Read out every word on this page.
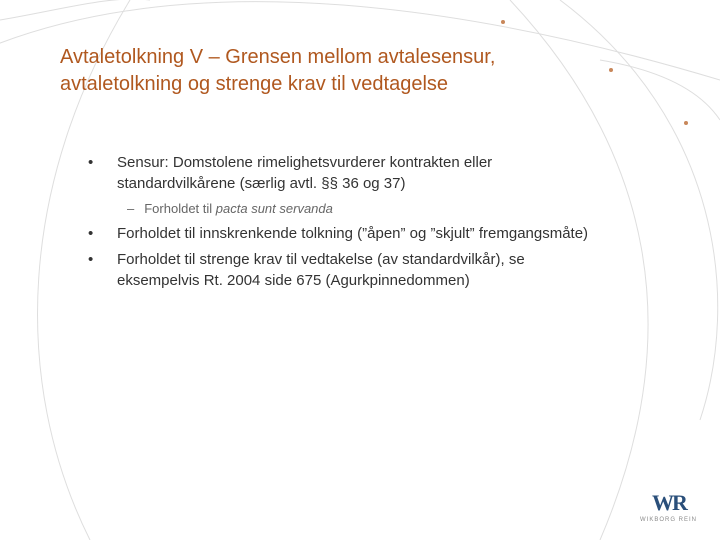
Avtaletolkning V – Grensen mellom avtalesensur,
avtaletolkning og strenge krav til vedtagelse
•	Sensur: Domstolene rimelighetsvurderer kontrakten eller
standardvilkårene (særlig avtl. §§ 36 og 37)
– Forholdet til pacta sunt servanda
•	Forholdet til innskrenkende tolkning (”åpen” og ”skjult” fremgangsmåte)
•	Forholdet til strenge krav til vedtakelse (av standardvilkår), se
eksempelvis Rt. 2004 side 675 (Agurkpinnedommen)
WR
WIKBORG REIN
